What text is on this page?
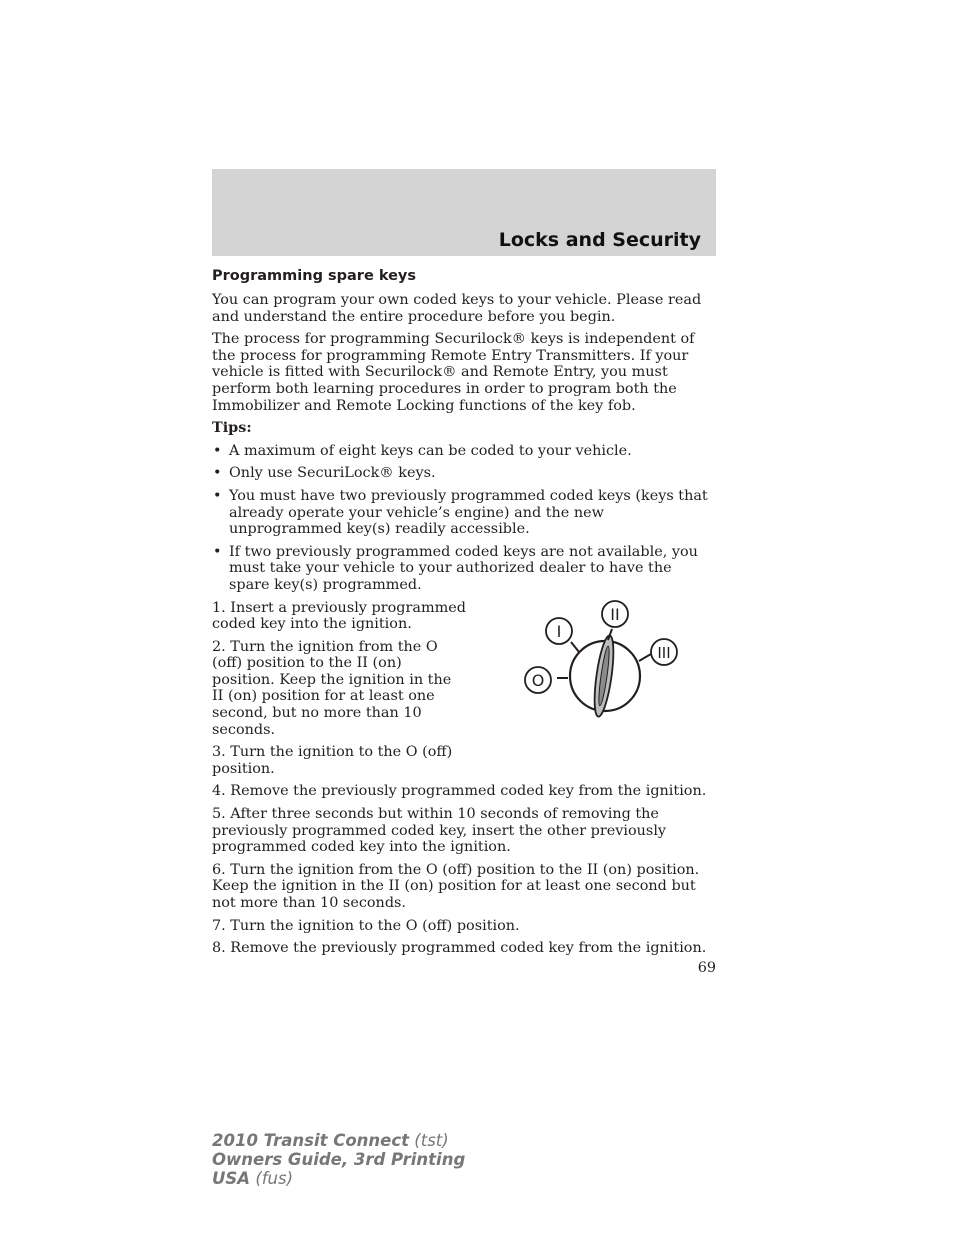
Locks and Security
Programming spare keys
You can program your own coded keys to your vehicle. Please read and understand the entire procedure before you begin.
The process for programming Securilock® keys is independent of the process for programming Remote Entry Transmitters. If your vehicle is fitted with Securilock® and Remote Entry, you must perform both learning procedures in order to program both the Immobilizer and Remote Locking functions of the key fob.
Tips:
• A maximum of eight keys can be coded to your vehicle.
• Only use SecuriLock® keys.
• You must have two previously programmed coded keys (keys that already operate your vehicle’s engine) and the new unprogrammed key(s) readily accessible.
• If two previously programmed coded keys are not available, you must take your vehicle to your authorized dealer to have the spare key(s) programmed.
1. Insert a previously programmed coded key into the ignition.
2. Turn the ignition from the O (off) position to the II (on) position. Keep the ignition in the II (on) position for at least one second, but no more than 10 seconds.
3. Turn the ignition to the O (off) position.
4. Remove the previously programmed coded key from the ignition.
5. After three seconds but within 10 seconds of removing the previously programmed coded key, insert the other previously programmed coded key into the ignition.
6. Turn the ignition from the O (off) position to the II (on) position. Keep the ignition in the II (on) position for at least one second but not more than 10 seconds.
7. Turn the ignition to the O (off) position.
8. Remove the previously programmed coded key from the ignition.
O
I
II
III
69
2010 Transit Connect (tst)
Owners Guide, 3rd Printing
USA (fus)
